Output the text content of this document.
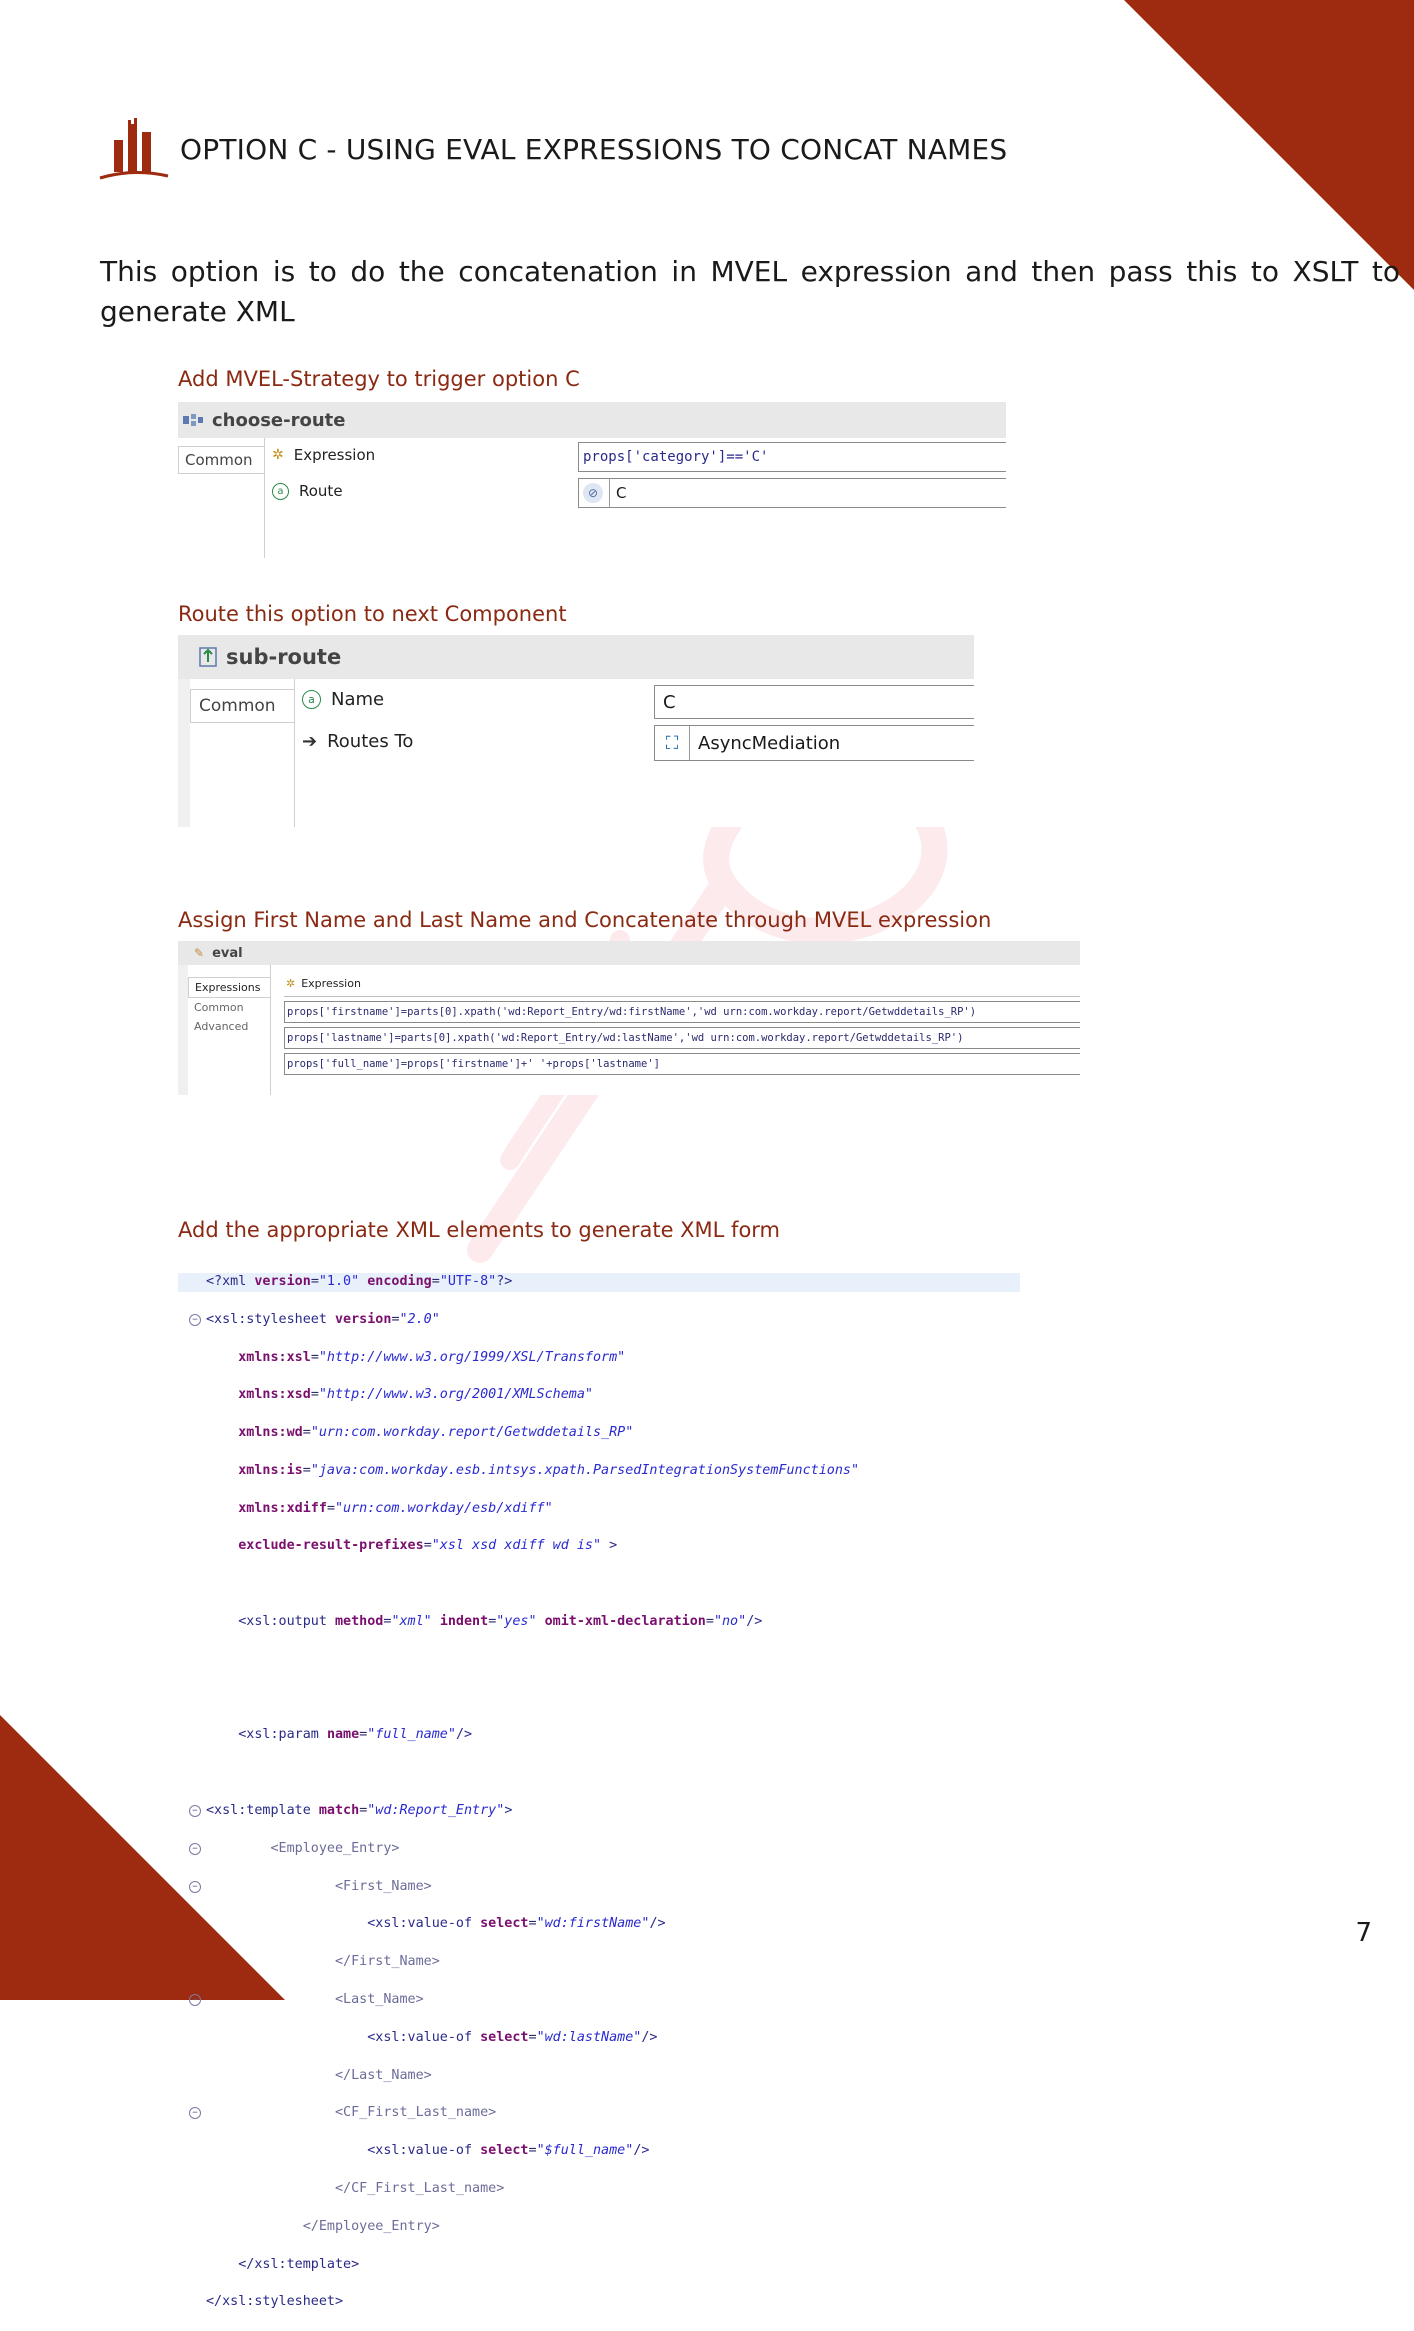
OPTION C - USING EVAL EXPRESSIONS TO CONCAT NAMES

This option is to do the concatenation in MVEL expression and then pass this to XSLT to generate XML

Add MVEL-Strategy to trigger option C

choose-route
Common	✲ Expression	props['category']=='C'
a	Route	⊘	C

Route this option to next Component

sub-route
Common	a Name	C
➔ Routes To	⛶	AsyncMediation

Assign First Name and Last Name and Concatenate through MVEL expression

✎ eval
Expressions
Common
Advanced
✲ Expression
props['firstname']=parts[0].xpath('wd:Report_Entry/wd:firstName','wd urn:com.workday.report/Getwddetails_RP')
props['lastname']=parts[0].xpath('wd:Report_Entry/wd:lastName','wd urn:com.workday.report/Getwddetails_RP')
props['full_name']=props['firstname']+' '+props['lastname']

Add the appropriate XML elements to generate XML form

<?xml version="1.0" encoding="UTF-8"?>

− <xsl:stylesheet version="2.0"

xmlns:xsl="http://www.w3.org/1999/XSL/Transform"

xmlns:xsd="http://www.w3.org/2001/XMLSchema"

xmlns:wd="urn:com.workday.report/Getwddetails_RP"

xmlns:is="java:com.workday.esb.intsys.xpath.ParsedIntegrationSystemFunctions"

xmlns:xdiff="urn:com.workday/esb/xdiff"

exclude-result-prefixes="xsl xsd xdiff wd is" >

<xsl:output method="xml" indent="yes" omit-xml-declaration="no"/>

<xsl:param name="full_name"/>

− <xsl:template match="wd:Report_Entry">

− <Employee_Entry>

− <First_Name>

<xsl:value-of select="wd:firstName"/>

</First_Name>

− <Last_Name>

<xsl:value-of select="wd:lastName"/>

</Last_Name>

− <CF_First_Last_name>

<xsl:value-of select="$full_name"/>

</CF_First_Last_name>

</Employee_Entry>

</xsl:template>

</xsl:stylesheet>

7
